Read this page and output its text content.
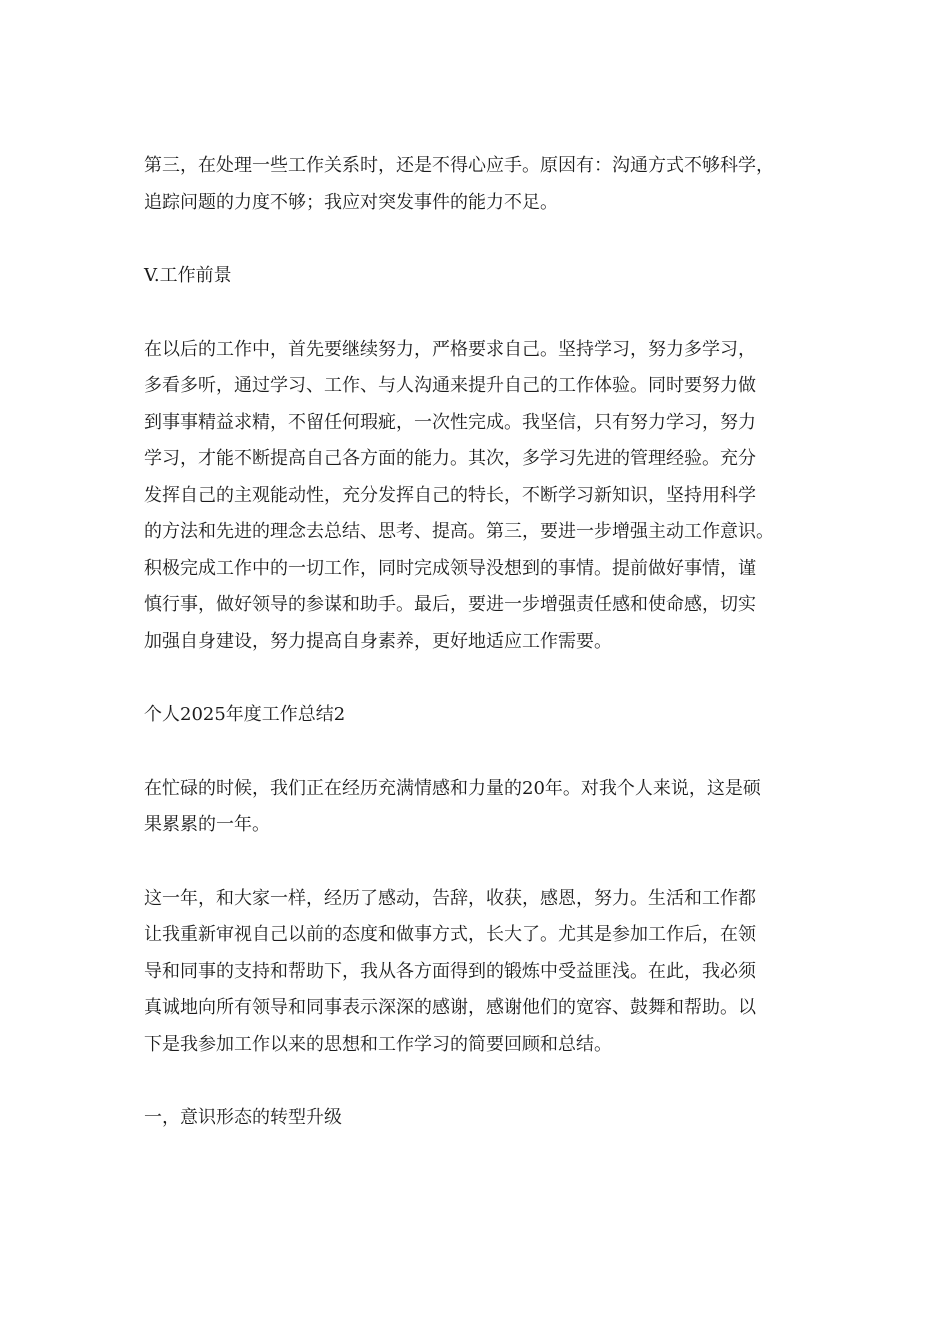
第三，在处理一些工作关系时，还是不得心应手。原因有：沟通方式不够科学，
追踪问题的力度不够；我应对突发事件的能力不足。
V.工作前景
在以后的工作中，首先要继续努力，严格要求自己。坚持学习，努力多学习，
多看多听，通过学习、工作、与人沟通来提升自己的工作体验。同时要努力做
到事事精益求精，不留任何瑕疵，一次性完成。我坚信，只有努力学习，努力
学习，才能不断提高自己各方面的能力。其次，多学习先进的管理经验。充分
发挥自己的主观能动性，充分发挥自己的特长，不断学习新知识，坚持用科学
的方法和先进的理念去总结、思考、提高。第三，要进一步增强主动工作意识。
积极完成工作中的一切工作，同时完成领导没想到的事情。提前做好事情，谨
慎行事，做好领导的参谋和助手。最后，要进一步增强责任感和使命感，切实
加强自身建设，努力提高自身素养，更好地适应工作需要。
个人2025年度工作总结2
在忙碌的时候，我们正在经历充满情感和力量的20年。对我个人来说，这是硕
果累累的一年。
这一年，和大家一样，经历了感动，告辞，收获，感恩，努力。生活和工作都
让我重新审视自己以前的态度和做事方式，长大了。尤其是参加工作后，在领
导和同事的支持和帮助下，我从各方面得到的锻炼中受益匪浅。在此，我必须
真诚地向所有领导和同事表示深深的感谢，感谢他们的宽容、鼓舞和帮助。以
下是我参加工作以来的思想和工作学习的简要回顾和总结。
一，意识形态的转型升级
